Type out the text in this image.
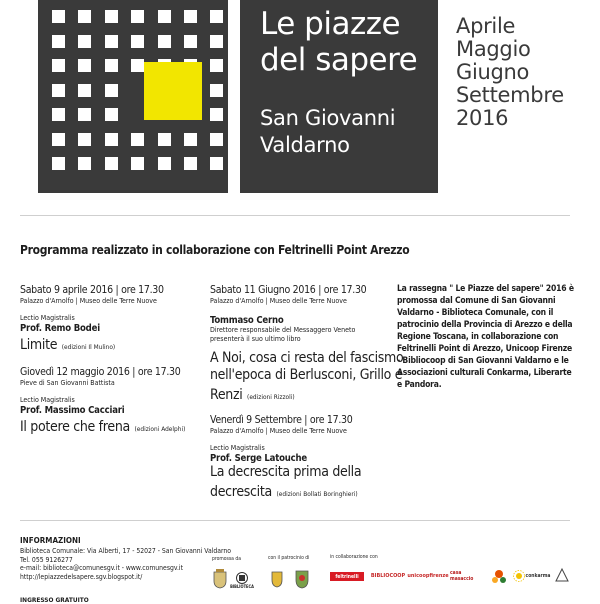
Le piazze
del sapere
San Giovanni
Valdarno
Aprile
Maggio
Giugno
Settembre
2016
Programma realizzato in collaborazione con Feltrinelli Point Arezzo
Sabato 9 aprile 2016 | ore 17.30
Palazzo d'Arnolfo | Museo delle Terre Nuove
Lectio Magistralis
Prof. Remo Bodei
Limite (edizioni Il Mulino)
Giovedì 12 maggio 2016 | ore 17.30
Pieve di San Giovanni Battista
Lectio Magistralis
Prof. Massimo Cacciari
Il potere che frena (edizioni Adelphi)
Sabato 11 Giugno 2016 | ore 17.30
Palazzo d'Arnolfo | Museo delle Terre Nuove
Tommaso Cerno
Direttore responsabile del Messaggero Veneto
presenterà il suo ultimo libro
A Noi, cosa ci resta del fascismo
nell'epoca di Berlusconi, Grillo e
Renzi (edizioni Rizzoli)
Venerdì 9 Settembre | ore 17.30
Palazzo d'Arnolfo | Museo delle Terre Nuove
Lectio Magistralis
Prof. Serge Latouche
La decrescita prima della
decrescita (edizioni Bollati Boringhieri)
La rassegna " Le Piazze del sapere" 2016 è promossa dal Comune di San Giovanni Valdarno - Biblioteca Comunale, con il patrocinio della Provincia di Arezzo e della Regione Toscana, in collaborazione con Feltrinelli Point di Arezzo, Unicoop Firenze - Bibliocoop di San Giovanni Valdarno e le Associazioni culturali Conkarma, Liberarte e Pandora.
INFORMAZIONI
Biblioteca Comunale: Via Alberti, 17 - 52027 - San Giovanni Valdarno
Tel. 055 9126277
e-mail: biblioteca@comunesgv.it - www.comunesgv.it
http://lepiazzedelsapere.sgv.blogspot.it/
INGRESSO GRATUITO
promossa da	con il patrocinio di	in collaborazione con
BIBLIOTECA
feltrinelli	BIBLIOCOOP unicoopfirenze casa masaccio	conkarma
